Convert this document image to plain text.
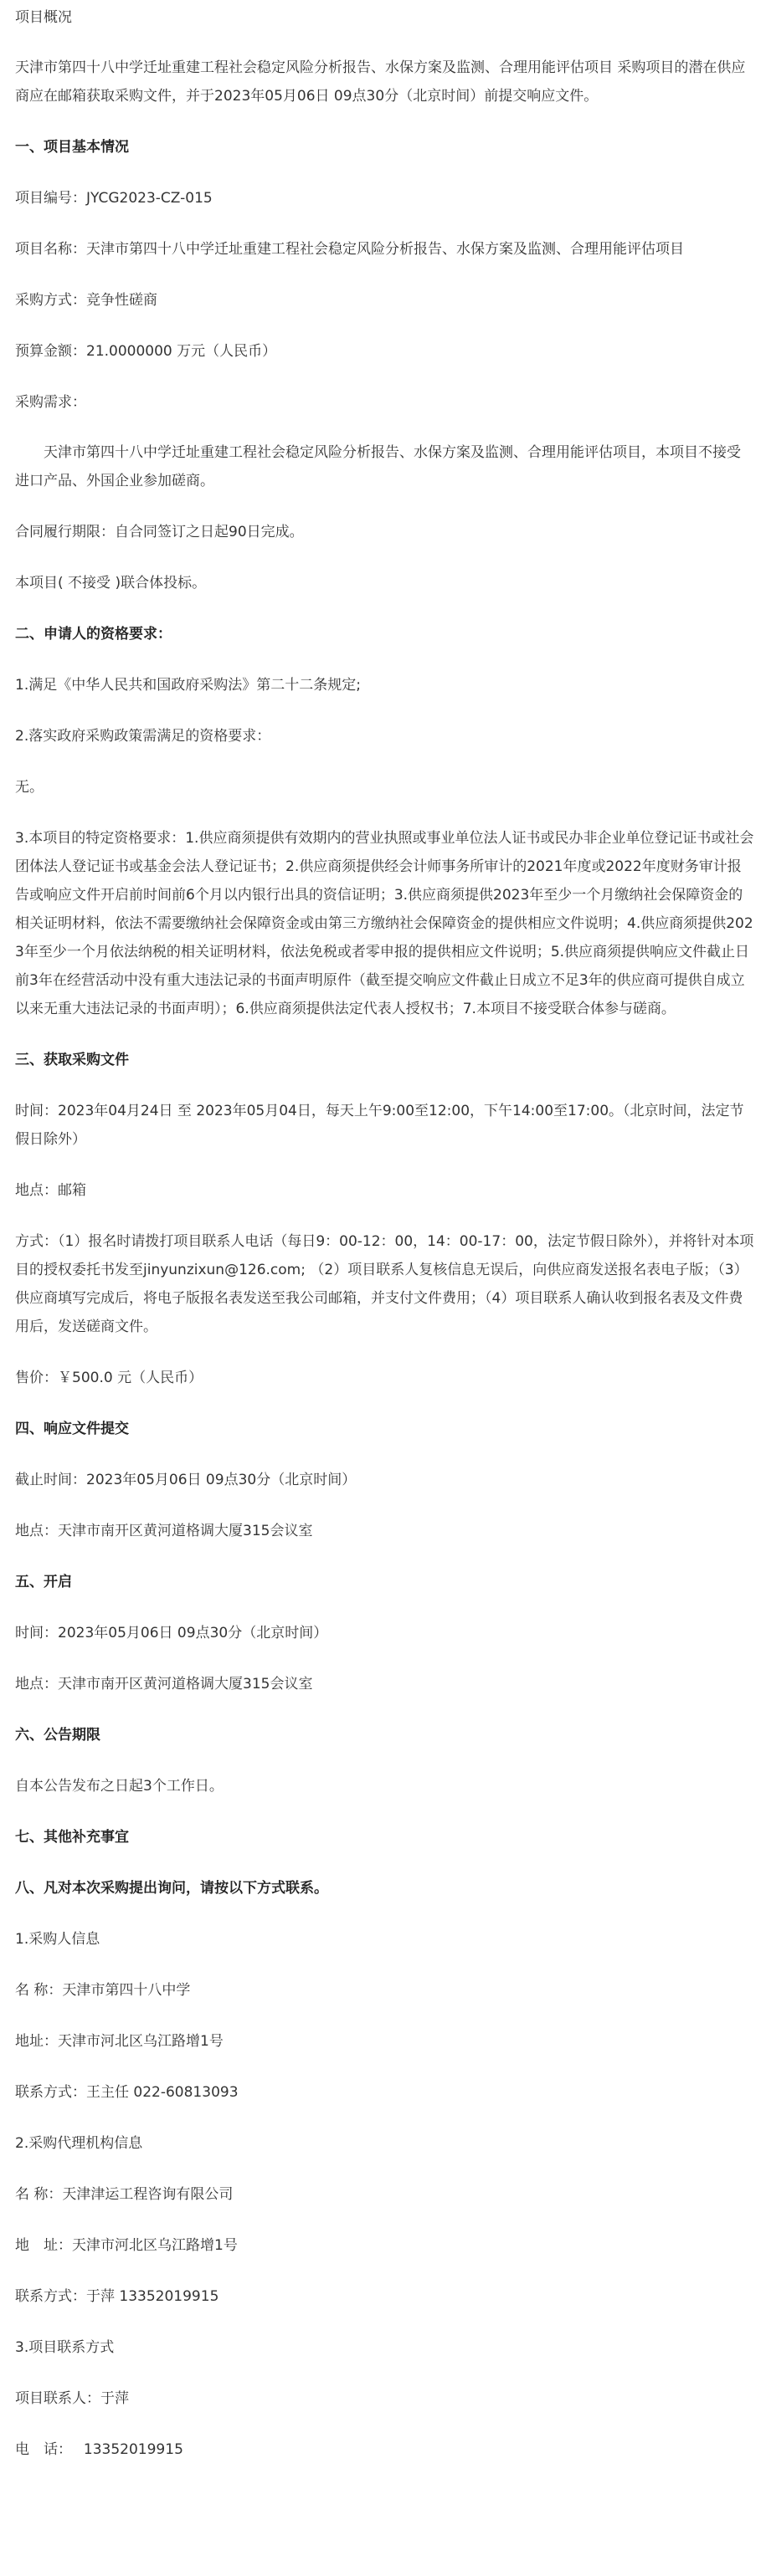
项目概况

天津市第四十八中学迁址重建工程社会稳定风险分析报告、水保方案及监测、合理用能评估项目 采购项目的潜在供应商应在邮箱获取采购文件，并于2023年05月06日 09点30分（北京时间）前提交响应文件。

一、项目基本情况

项目编号：JYCG2023-CZ-015

项目名称：天津市第四十八中学迁址重建工程社会稳定风险分析报告、水保方案及监测、合理用能评估项目

采购方式：竞争性磋商

预算金额：21.0000000 万元（人民币）

采购需求：

天津市第四十八中学迁址重建工程社会稳定风险分析报告、水保方案及监测、合理用能评估项目，本项目不接受进口产品、外国企业参加磋商。

合同履行期限：自合同签订之日起90日完成。

本项目( 不接受 )联合体投标。

二、申请人的资格要求：

1.满足《中华人民共和国政府采购法》第二十二条规定;

2.落实政府采购政策需满足的资格要求：

无。

3.本项目的特定资格要求：1.供应商须提供有效期内的营业执照或事业单位法人证书或民办非企业单位登记证书或社会团体法人登记证书或基金会法人登记证书；2.供应商须提供经会计师事务所审计的2021年度或2022年度财务审计报告或响应文件开启前时间前6个月以内银行出具的资信证明；3.供应商须提供2023年至少一个月缴纳社会保障资金的相关证明材料，依法不需要缴纳社会保障资金或由第三方缴纳社会保障资金的提供相应文件说明；4.供应商须提供2023年至少一个月依法纳税的相关证明材料，依法免税或者零申报的提供相应文件说明；5.供应商须提供响应文件截止日前3年在经营活动中没有重大违法记录的书面声明原件（截至提交响应文件截止日成立不足3年的供应商可提供自成立以来无重大违法记录的书面声明）；6.供应商须提供法定代表人授权书；7.本项目不接受联合体参与磋商。

三、获取采购文件

时间：2023年04月24日 至 2023年05月04日，每天上午9:00至12:00，下午14:00至17:00。（北京时间，法定节假日除外）

地点：邮箱

方式：（1）报名时请拨打项目联系人电话（每日9：00-12：00，14：00-17：00，法定节假日除外），并将针对本项目的授权委托书发至jinyunzixun@126.com; （2）项目联系人复核信息无误后，向供应商发送报名表电子版；（3）供应商填写完成后，将电子版报名表发送至我公司邮箱，并支付文件费用；（4）项目联系人确认收到报名表及文件费用后，发送磋商文件。

售价：￥500.0 元（人民币）

四、响应文件提交

截止时间：2023年05月06日 09点30分（北京时间）

地点：天津市南开区黄河道格调大厦315会议室

五、开启

时间：2023年05月06日 09点30分（北京时间）

地点：天津市南开区黄河道格调大厦315会议室

六、公告期限

自本公告发布之日起3个工作日。

七、其他补充事宜

八、凡对本次采购提出询问，请按以下方式联系。

1.采购人信息

名 称：天津市第四十八中学

地址：天津市河北区乌江路增1号

联系方式：王主任 022-60813093

2.采购代理机构信息

名 称：天津津运工程咨询有限公司

地　址：天津市河北区乌江路增1号

联系方式：于萍 13352019915

3.项目联系方式

项目联系人：于萍

电　话：　 13352019915
